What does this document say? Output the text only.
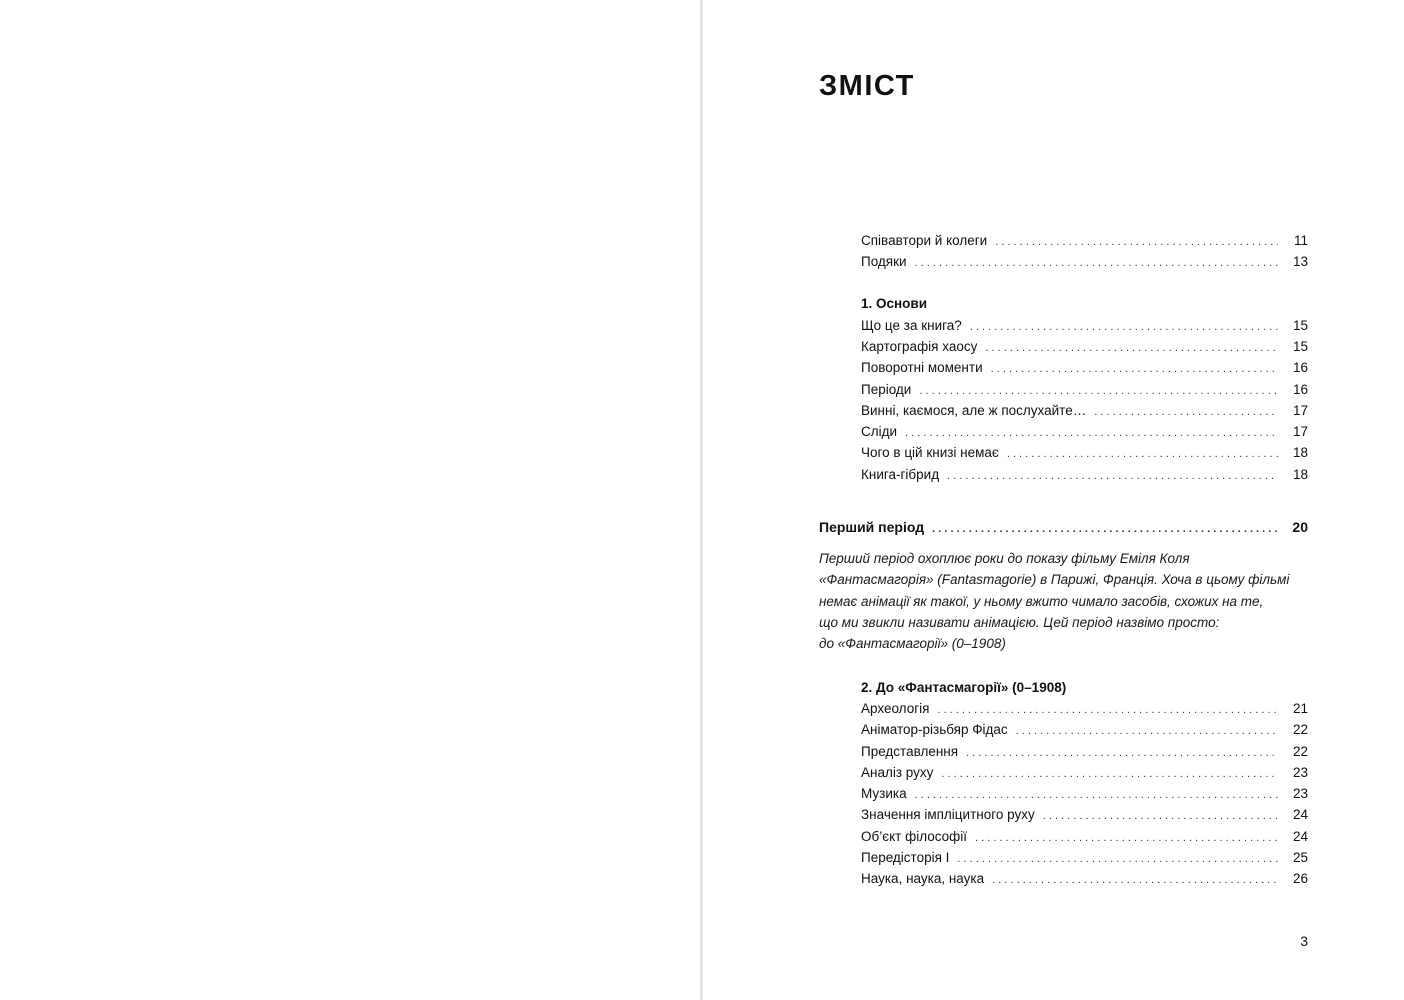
ЗМІСТ
Співавтори й колеги . . .	11
Подяки . . .	13
1. Основи
Що це за книга? . . .	15
Картографія хаосу . . .	15
Поворотні моменти . . .	16
Періоди . . .	16
Винні, каємося, але ж послухайте… . . .	17
Сліди . . .	17
Чого в цій книзі немає . . .	18
Книга-гібрид . . .	18
Перший період . . .	20

Перший період охоплює роки до показу фільму Еміля Коля
«Фантасмагорія» (Fantasmagorie) в Парижі, Франція. Хоча в цьому фільмі
немає анімації як такої, у ньому вжито чимало засобів, схожих на те,
що ми звикли називати анімацією. Цей період назвімо просто:
до «Фантасмагорії» (0–1908)

2. До «Фантасмагорії» (0–1908)
Археологія . . .	21
Аніматор-різьбяр Фідас . . .	22
Представлення . . .	22
Аналіз руху . . .	23
Музика . . .	23
Значення імпліцитного руху . . .	24
Об’єкт філософії . . .	24
Передісторія І . . .	25
Наука, наука, наука . . .	26
3
